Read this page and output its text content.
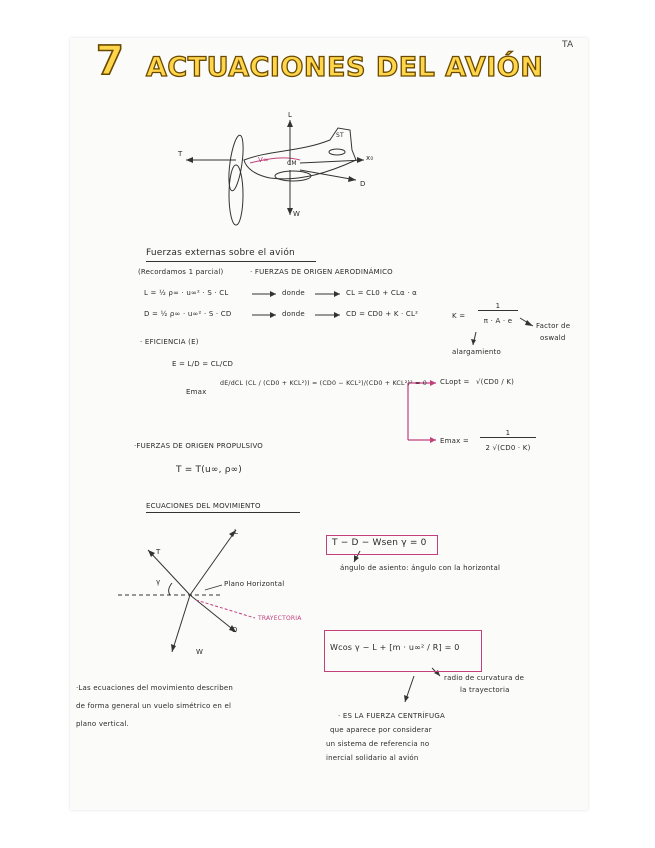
7 ACTUACIONES DEL AVIÓN
TA
L
T
D
W
V∞	CM
ST
x₀
Fuerzas externas sobre el avión
(Recordamos 1 parcial)	· FUERZAS DE ORIGEN AERODINÁMICO
L = ½ ρ∞ · u∞² · S · CL	donde	CL = CL0 + CLα · α
D = ½ ρ∞ · u∞² · S · CD	donde	CD = CD0 + K · CL²	K =
1
π · A · e
Factor de
oswald
alargamiento
· EFICIENCIA (E)
E = L/D = CL/CD
Emax
dE/dCL (CL / (CD0 + KCL²)) = (CD0 − KCL²)/(CD0 + KCL²)² = 0 CLopt = √(CD0 / K)
Emax =
1
2 √(CD0 · K)
·FUERZAS DE ORIGEN PROPULSIVO
T = T(u∞, ρ∞)
ECUACIONES DEL MOVIMIENTO
T − D − Wsen γ = 0
ángulo de asiento: ángulo con la horizontal
Wcos γ − L + [m · u∞² / R] = 0
radio de curvatura de
la trayectoria
L
T
D
W
γ	Plano Horizontal
TRAYECTORIA
·Las ecuaciones del movimiento describen
de forma general un vuelo simétrico en el
plano vertical.
· ES LA FUERZA CENTRÍFUGA
que aparece por considerar
un sistema de referencia no
inercial solidario al avión
